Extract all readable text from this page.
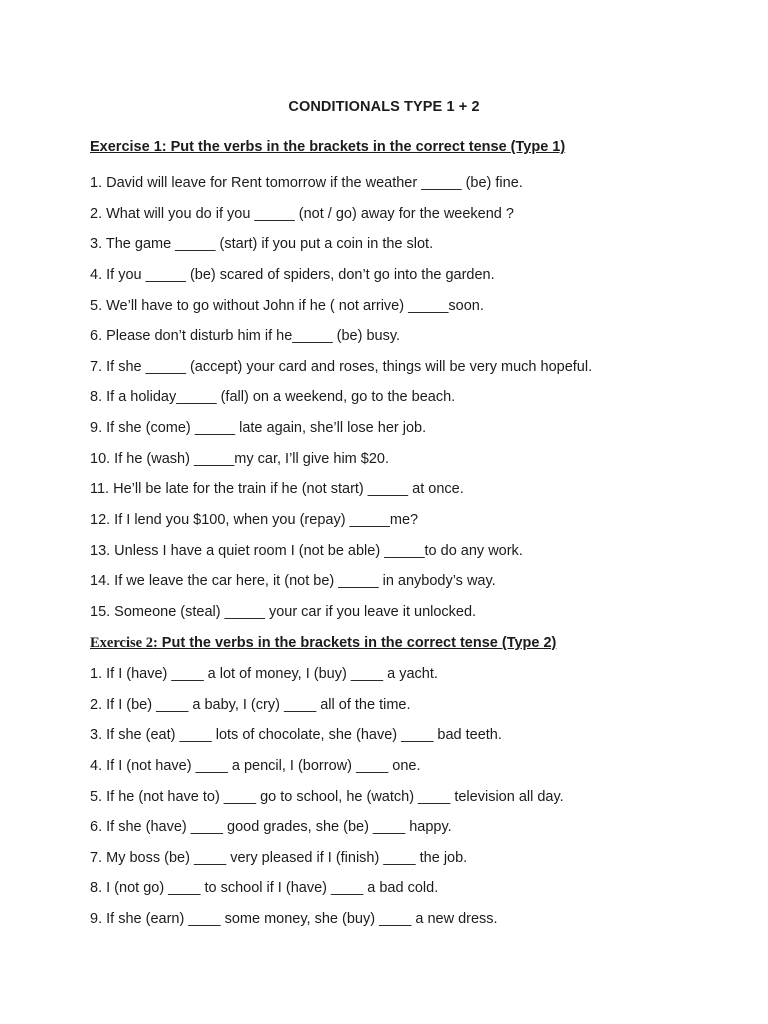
CONDITIONALS TYPE 1 + 2
Exercise 1: Put the verbs in the brackets in the correct tense (Type 1)
1. David will leave for Rent tomorrow if the weather _____ (be) fine.
2. What will you do if you _____ (not / go) away for the weekend ?
3. The game _____ (start) if you put a coin in the slot.
4. If you _____ (be) scared of spiders, don’t go into the garden.
5. We’ll have to go without John if he ( not arrive) _____soon.
6. Please don’t disturb him if he_____ (be) busy.
7. If she _____ (accept) your card and roses, things will be very much hopeful.
8. If a holiday_____ (fall) on a weekend, go to the beach.
9. If she (come) _____ late again, she’ll lose her job.
10. If he (wash) _____my car, I’ll give him $20.
11. He’ll be late for the train if he (not start) _____ at once.
12. If I lend you $100, when you (repay) _____me?
13. Unless I have a quiet room I (not be able) _____to do any work.
14. If we leave the car here, it (not be) _____ in anybody’s way.
15. Someone (steal) _____ your car if you leave it unlocked.
Exercise 2: Put the verbs in the brackets in the correct tense (Type 2)
1. If I (have) ____ a lot of money, I (buy) ____ a yacht.
2. If I (be) ____ a baby, I (cry) ____ all of the time.
3. If she (eat) ____ lots of chocolate, she (have) ____ bad teeth.
4. If I (not have) ____ a pencil, I (borrow) ____ one.
5. If he (not have to) ____ go to school, he (watch) ____ television all day.
6. If she (have) ____ good grades, she (be) ____ happy.
7. My boss (be) ____ very pleased if I (finish) ____ the job.
8. I (not go) ____ to school if I (have) ____ a bad cold.
9. If she (earn) ____ some money, she (buy) ____ a new dress.
